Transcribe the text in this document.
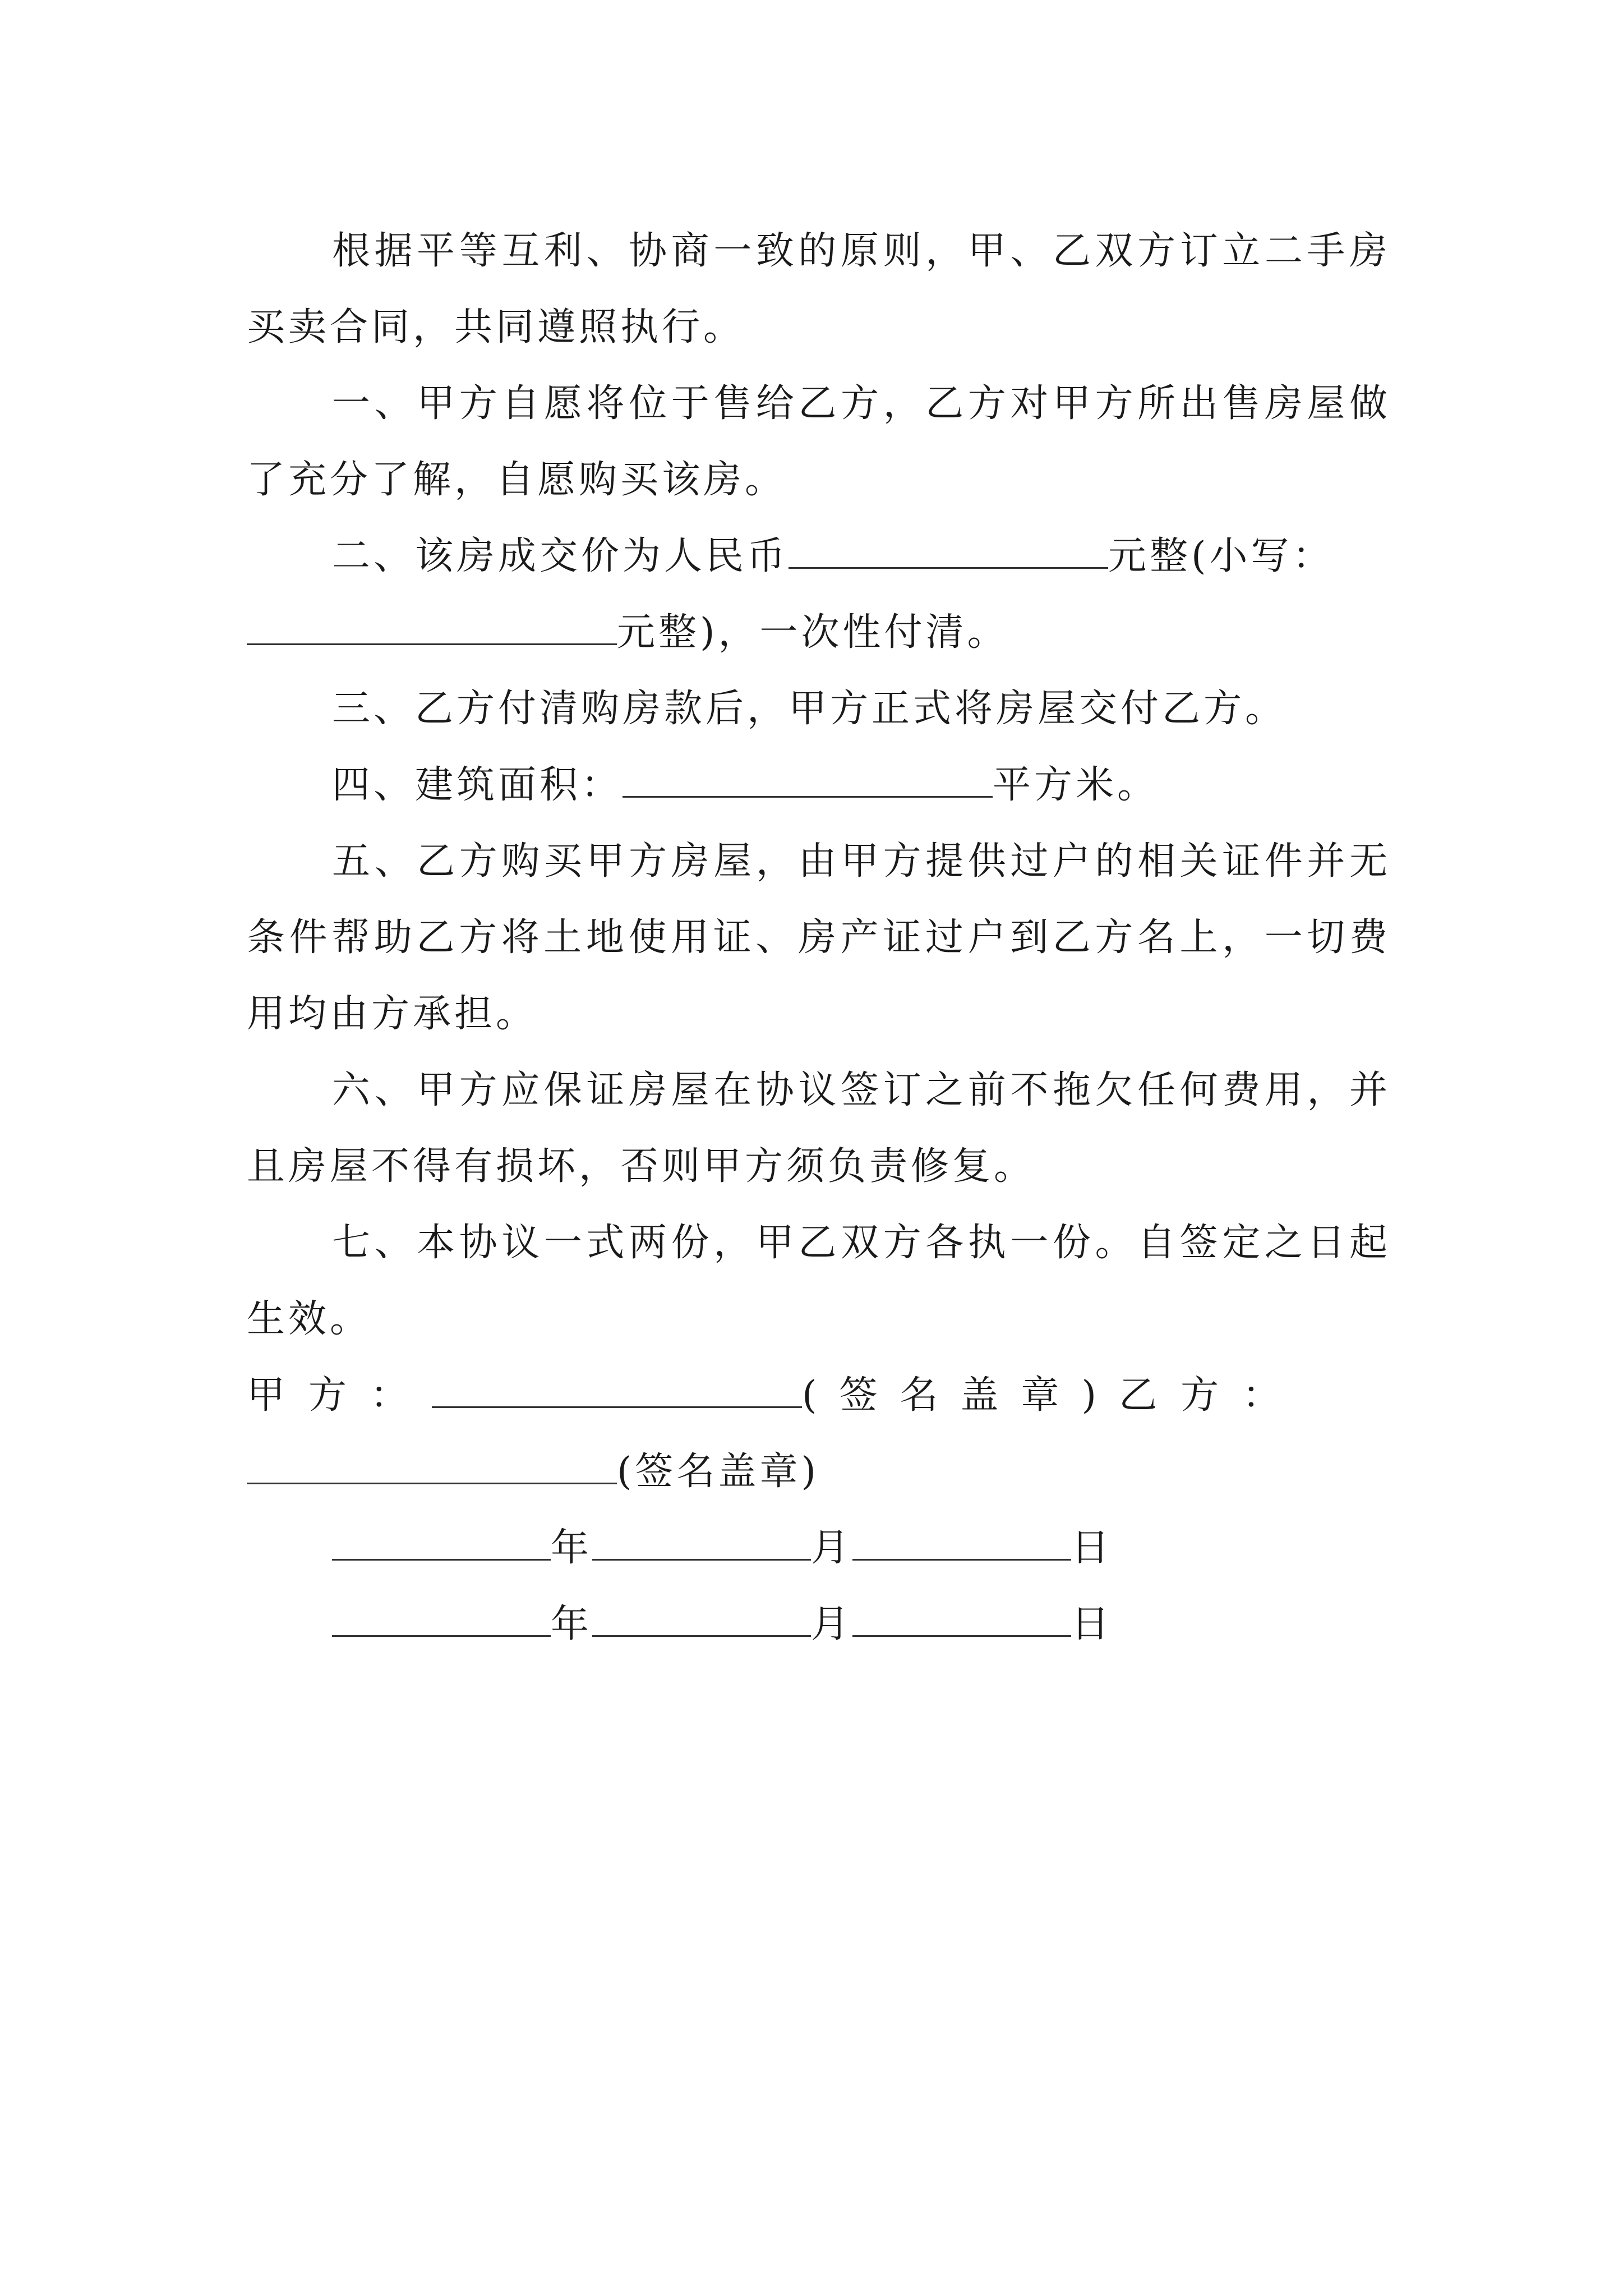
根据平等互利、协商一致的原则，甲、乙双方订立二手房买卖合同，共同遵照执行。

一、甲方自愿将位于售给乙方，乙方对甲方所出售房屋做了充分了解，自愿购买该房。

二、该房成交价为人民币	元整(小写：
元整)，一次性付清。

三、乙方付清购房款后，甲方正式将房屋交付乙方。

四、建筑面积：	平方米。

五、乙方购买甲方房屋，由甲方提供过户的相关证件并无条件帮助乙方将土地使用证、房产证过户到乙方名上，一切费用均由方承担。

六、甲方应保证房屋在协议签订之前不拖欠任何费用，并且房屋不得有损坏，否则甲方须负责修复。

七、本协议一式两份，甲乙双方各执一份。自签定之日起生效。

甲方：	(签名盖章)乙方：
(签名盖章)

年	月	日

年	月	日
